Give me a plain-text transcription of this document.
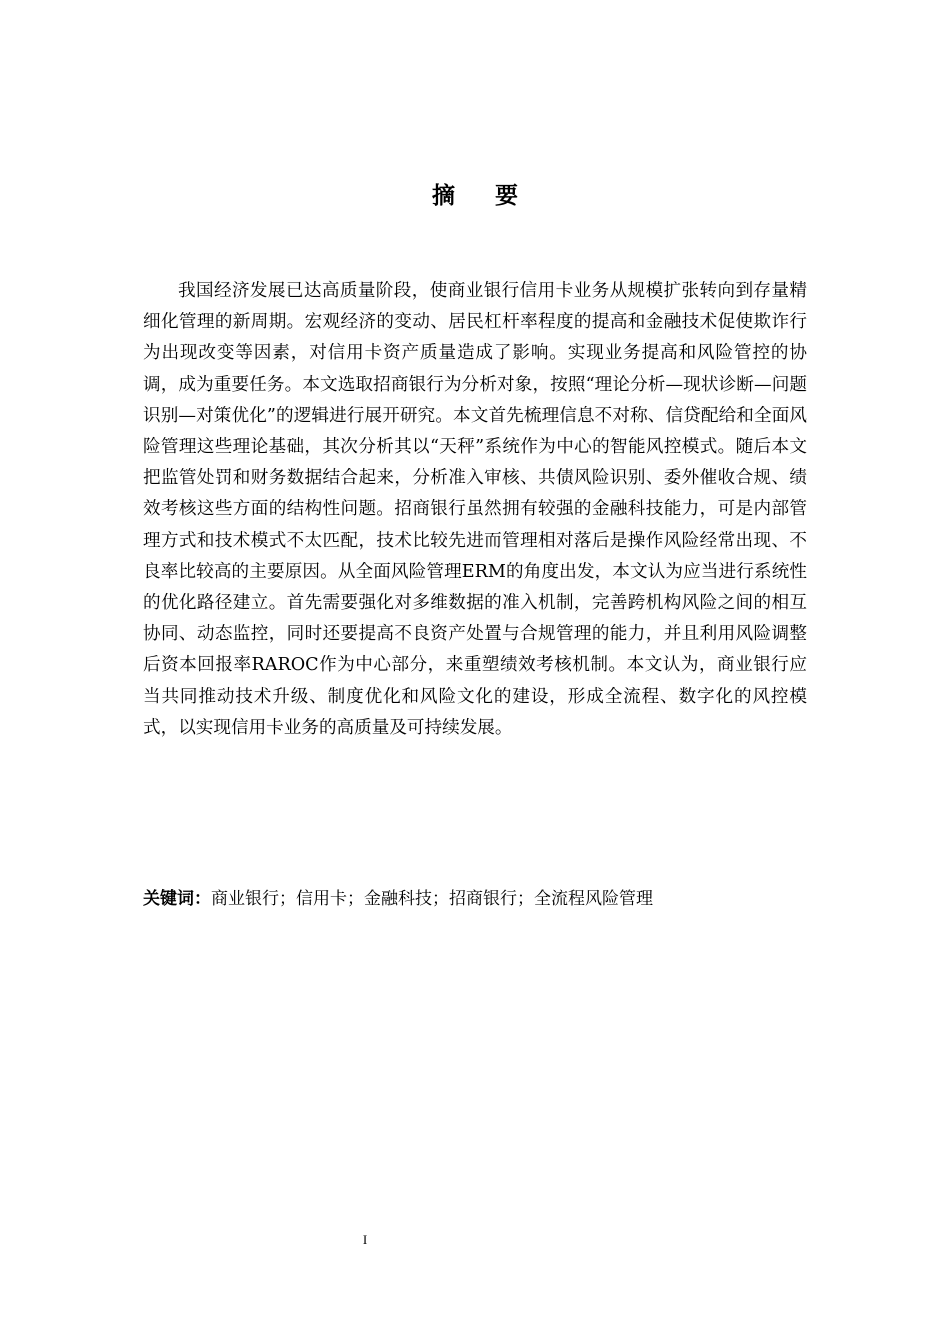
摘要

我国经济发展已达高质量阶段，使商业银行信用卡业务从规模扩张转向到存量精细化管理的新周期。宏观经济的变动、居民杠杆率程度的提高和金融技术促使欺诈行为出现改变等因素，对信用卡资产质量造成了影响。实现业务提高和风险管控的协调，成为重要任务。本文选取招商银行为分析对象，按照“理论分析—现状诊断—问题识别—对策优化”的逻辑进行展开研究。本文首先梳理信息不对称、信贷配给和全面风险管理这些理论基础，其次分析其以“天秤”系统作为中心的智能风控模式。随后本文把监管处罚和财务数据结合起来，分析准入审核、共债风险识别、委外催收合规、绩效考核这些方面的结构性问题。招商银行虽然拥有较强的金融科技能力，可是内部管理方式和技术模式不太匹配，技术比较先进而管理相对落后是操作风险经常出现、不良率比较高的主要原因。从全面风险管理ERM的角度出发，本文认为应当进行系统性的优化路径建立。首先需要强化对多维数据的准入机制，完善跨机构风险之间的相互协同、动态监控，同时还要提高不良资产处置与合规管理的能力，并且利用风险调整后资本回报率RAROC作为中心部分，来重塑绩效考核机制。本文认为，商业银行应当共同推动技术升级、制度优化和风险文化的建设，形成全流程、数字化的风控模式，以实现信用卡业务的高质量及可持续发展。

关键词：商业银行；信用卡；金融科技；招商银行；全流程风险管理
I
